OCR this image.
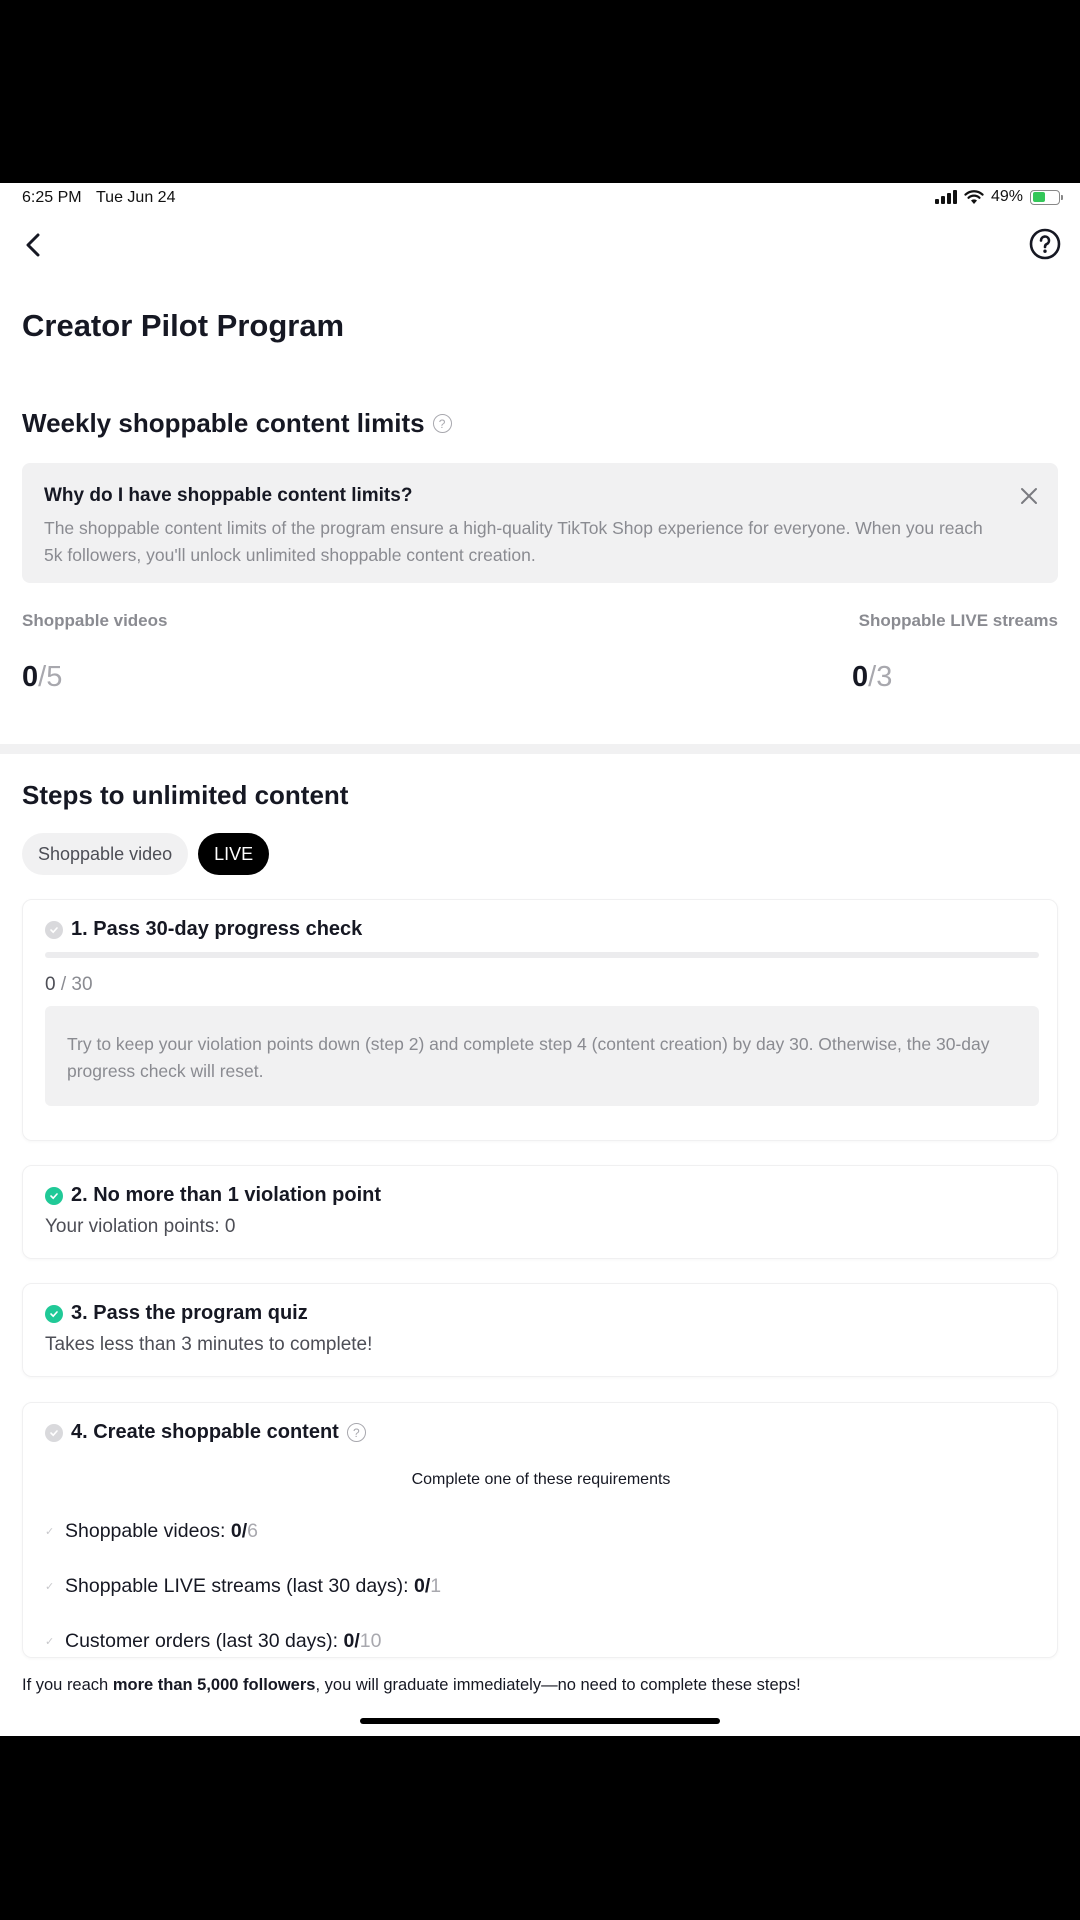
6:25 PM Tue Jun 24	49%
Creator Pilot Program
Weekly shoppable content limits	?
Why do I have shoppable content limits?
The shoppable content limits of the program ensure a high-quality TikTok Shop experience for everyone. When you reach 5k followers, you'll unlock unlimited shoppable content creation.
Shoppable videos	Shoppable LIVE streams
0/5	0/3
Steps to unlimited content
Shoppable video	LIVE
1. Pass 30-day progress check
0 / 30
Try to keep your violation points down (step 2) and complete step 4 (content creation) by day 30. Otherwise, the 30-day progress check will reset.
2. No more than 1 violation point
Your violation points: 0
3. Pass the program quiz
Takes less than 3 minutes to complete!
4. Create shoppable content	?
Complete one of these requirements
✓ Shoppable videos: 0/6
✓ Shoppable LIVE streams (last 30 days): 0/1
✓ Customer orders (last 30 days): 0/10
If you reach more than 5,000 followers, you will graduate immediately—no need to complete these steps!
